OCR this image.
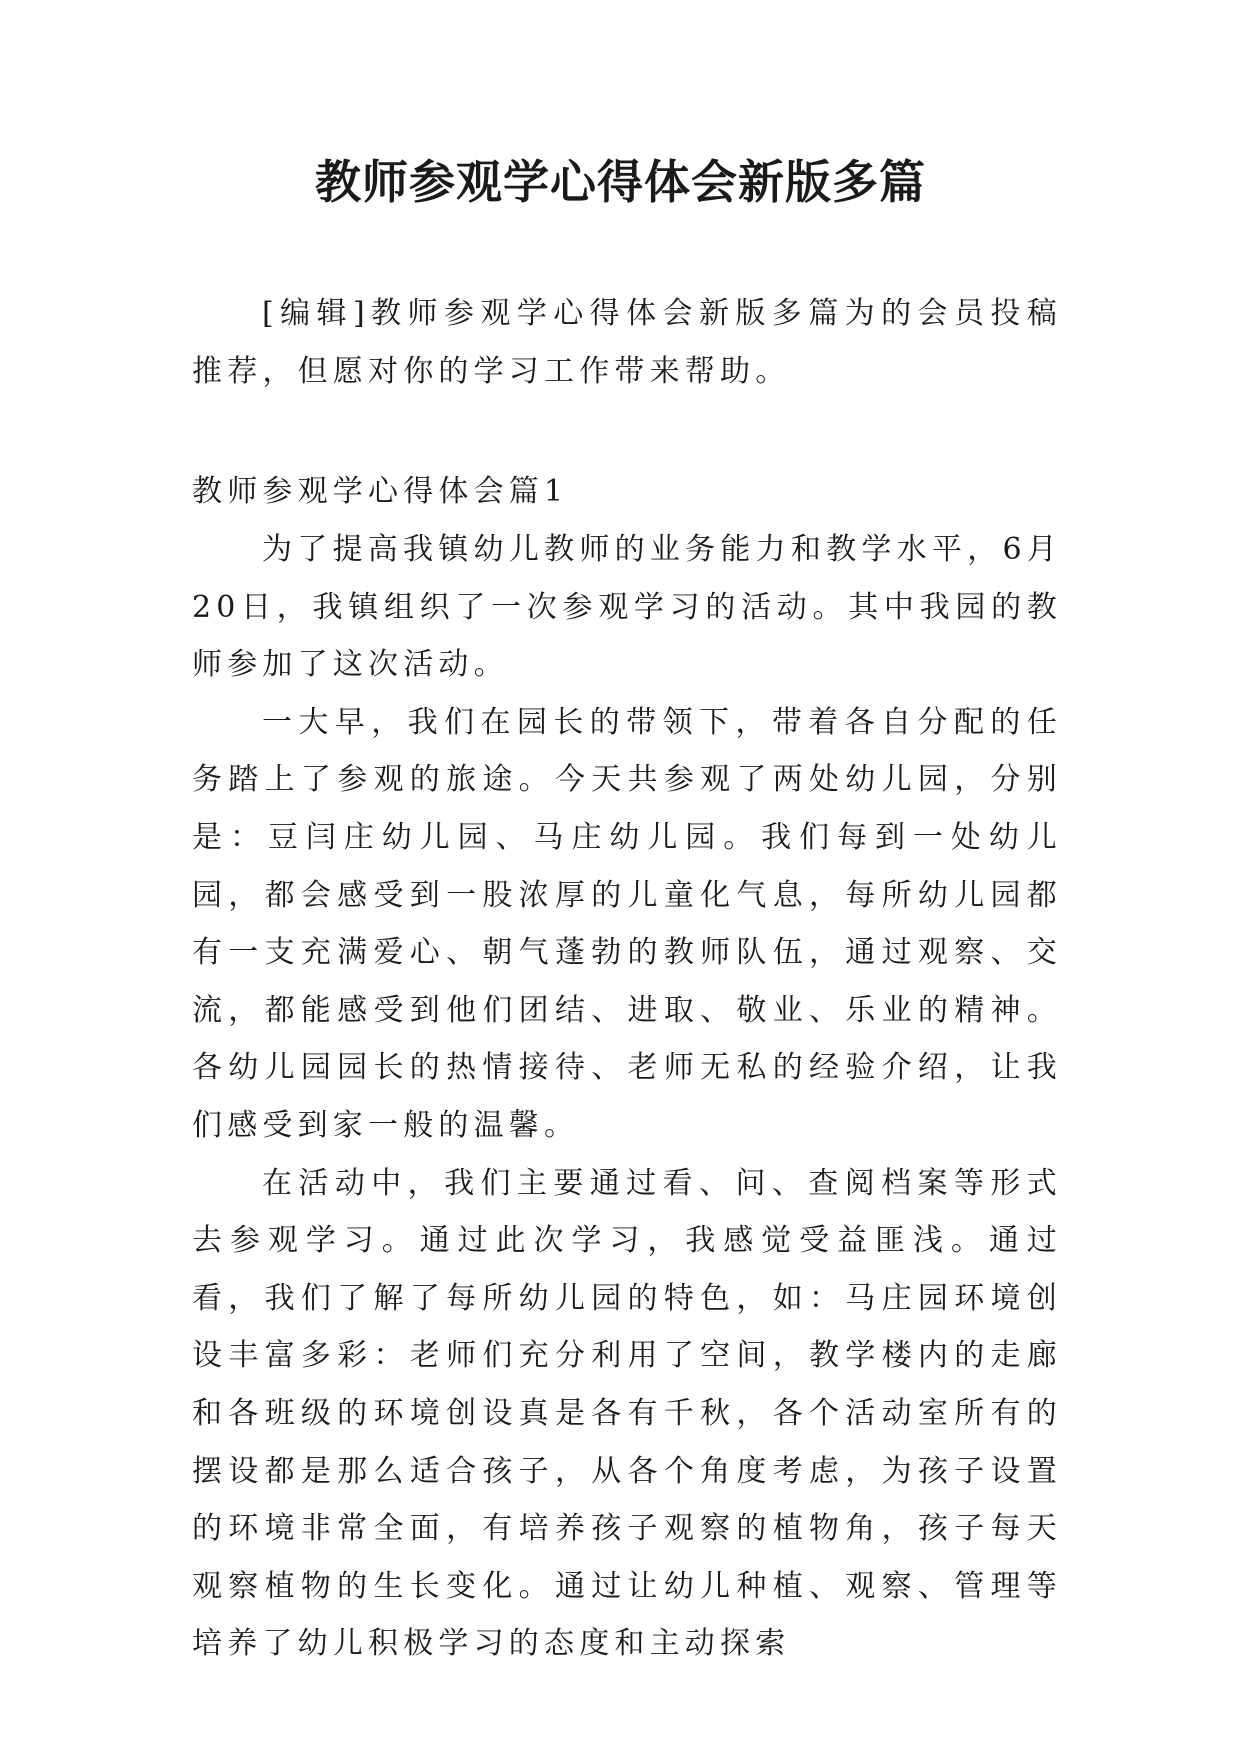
教师参观学心得体会新版多篇

[编辑]教师参观学心得体会新版多篇为的会员投稿推荐，但愿对你的学习工作带来帮助。

教师参观学心得体会篇1

为了提高我镇幼儿教师的业务能力和教学水平，6月20日，我镇组织了一次参观学习的活动。其中我园的教师参加了这次活动。

一大早，我们在园长的带领下，带着各自分配的任务踏上了参观的旅途。今天共参观了两处幼儿园，分别是：豆闫庄幼儿园、马庄幼儿园。我们每到一处幼儿园，都会感受到一股浓厚的儿童化气息，每所幼儿园都有一支充满爱心、朝气蓬勃的教师队伍，通过观察、交流，都能感受到他们团结、进取、敬业、乐业的精神。各幼儿园园长的热情接待、老师无私的经验介绍，让我们感受到家一般的温馨。

在活动中，我们主要通过看、问、查阅档案等形式去参观学习。通过此次学习，我感觉受益匪浅。通过看，我们了解了每所幼儿园的特色，如：马庄园环境创设丰富多彩：老师们充分利用了空间，教学楼内的走廊和各班级的环境创设真是各有千秋，各个活动室所有的摆设都是那么适合孩子，从各个角度考虑，为孩子设置的环境非常全面，有培养孩子观察的植物角，孩子每天观察植物的生长变化。通过让幼儿种植、观察、管理等培养了幼儿积极学习的态度和主动探索
